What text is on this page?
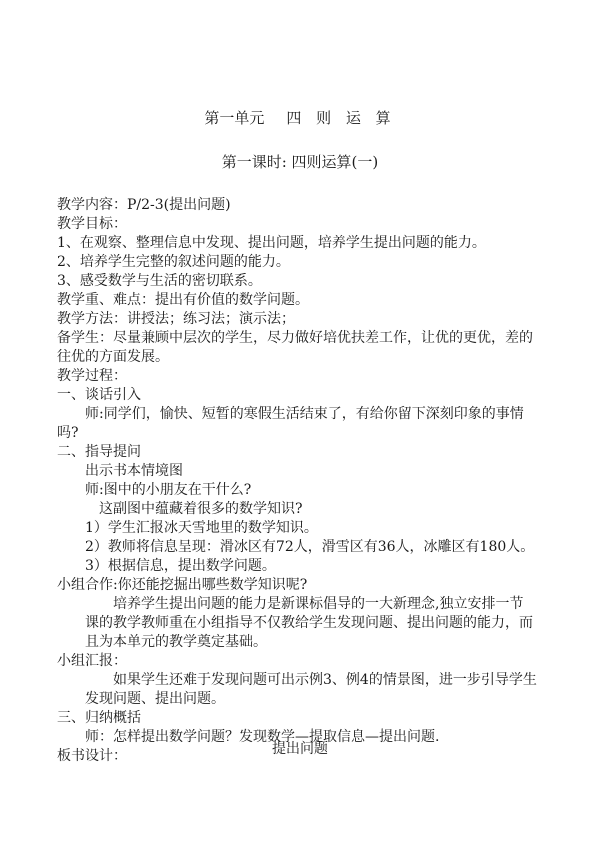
第一单元 四 则 运 算
第一课时: 四则运算(一)
教学内容：P/2-3(提出问题)
教学目标：
1、在观察、整理信息中发现、提出问题，培养学生提出问题的能力。
2、培养学生完整的叙述问题的能力。
3、感受数学与生活的密切联系。
教学重、难点：提出有价值的数学问题。
教学方法：讲授法；练习法；演示法；
备学生：尽量兼顾中层次的学生，尽力做好培优扶差工作，让优的更优，差的
往优的方面发展。
教学过程：
一、谈话引入
师:同学们，愉快、短暂的寒假生活结束了，有给你留下深刻印象的事情
吗?
二、指导提问
出示书本情境图
师:图中的小朋友在干什么?
这副图中蕴藏着很多的数学知识?
1）学生汇报冰天雪地里的数学知识。
2）教师将信息呈现：滑冰区有72人，滑雪区有36人，冰雕区有180人。
3）根据信息，提出数学问题。
小组合作:你还能挖掘出哪些数学知识呢?
培养学生提出问题的能力是新课标倡导的一大新理念,独立安排一节
课的教学教师重在小组指导不仅教给学生发现问题、提出问题的能力，而
且为本单元的教学奠定基础。
小组汇报：
如果学生还难于发现问题可出示例3、例4的情景图，进一步引导学生
发现问题、提出问题。
三、归纳概括
师：怎样提出数学问题？发现数学—提取信息—提出问题.
板书设计：	提出问题
